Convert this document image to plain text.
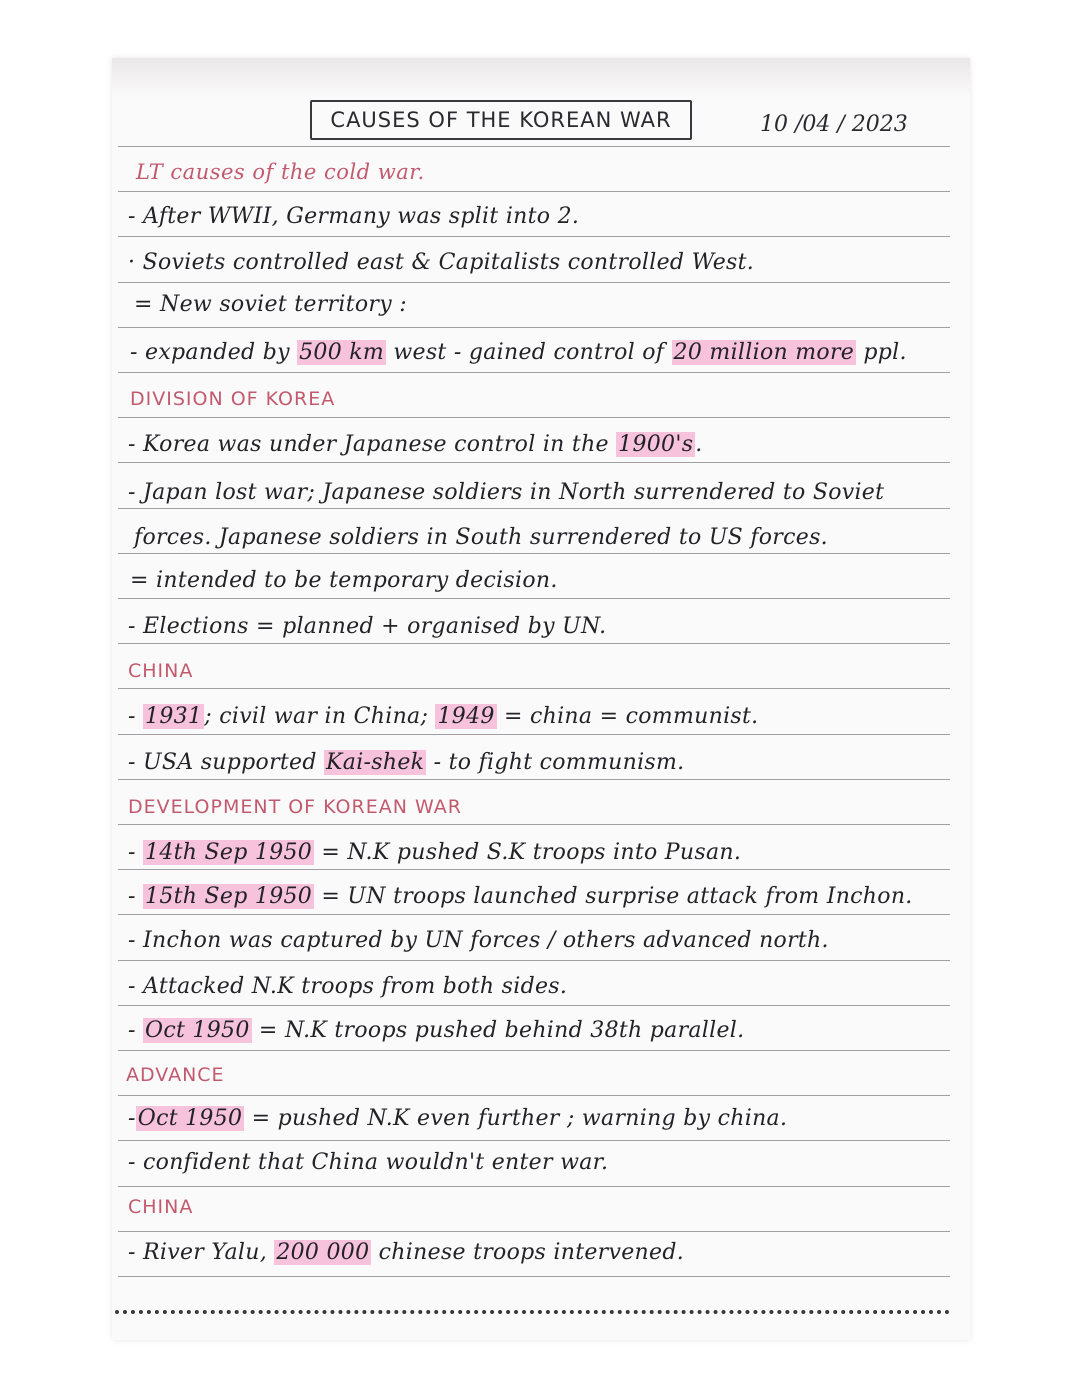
CAUSES OF THE KOREAN WAR	10 /04 / 2023
LT causes of the cold war.
- After WWII, Germany was split into 2.
· Soviets controlled east & Capitalists controlled West.
= New soviet territory :
- expanded by 500 km west - gained control of 20 million more ppl.
DIVISION OF KOREA
- Korea was under Japanese control in the 1900's.
- Japan lost war; Japanese soldiers in North surrendered to Soviet
forces. Japanese soldiers in South surrendered to US forces.
= intended to be temporary decision.
- Elections = planned + organised by UN.
CHINA
- 1931; civil war in China; 1949 = china = communist.
- USA supported Kai-shek - to fight communism.
DEVELOPMENT OF KOREAN WAR
- 14th Sep 1950 = N.K pushed S.K troops into Pusan.
- 15th Sep 1950 = UN troops launched surprise attack from Inchon.
- Inchon was captured by UN forces / others advanced north.
- Attacked N.K troops from both sides.
- Oct 1950 = N.K troops pushed behind 38th parallel.
ADVANCE
-Oct 1950 = pushed N.K even further ; warning by china.
- confident that China wouldn't enter war.
CHINA
- River Yalu, 200 000 chinese troops intervened.
